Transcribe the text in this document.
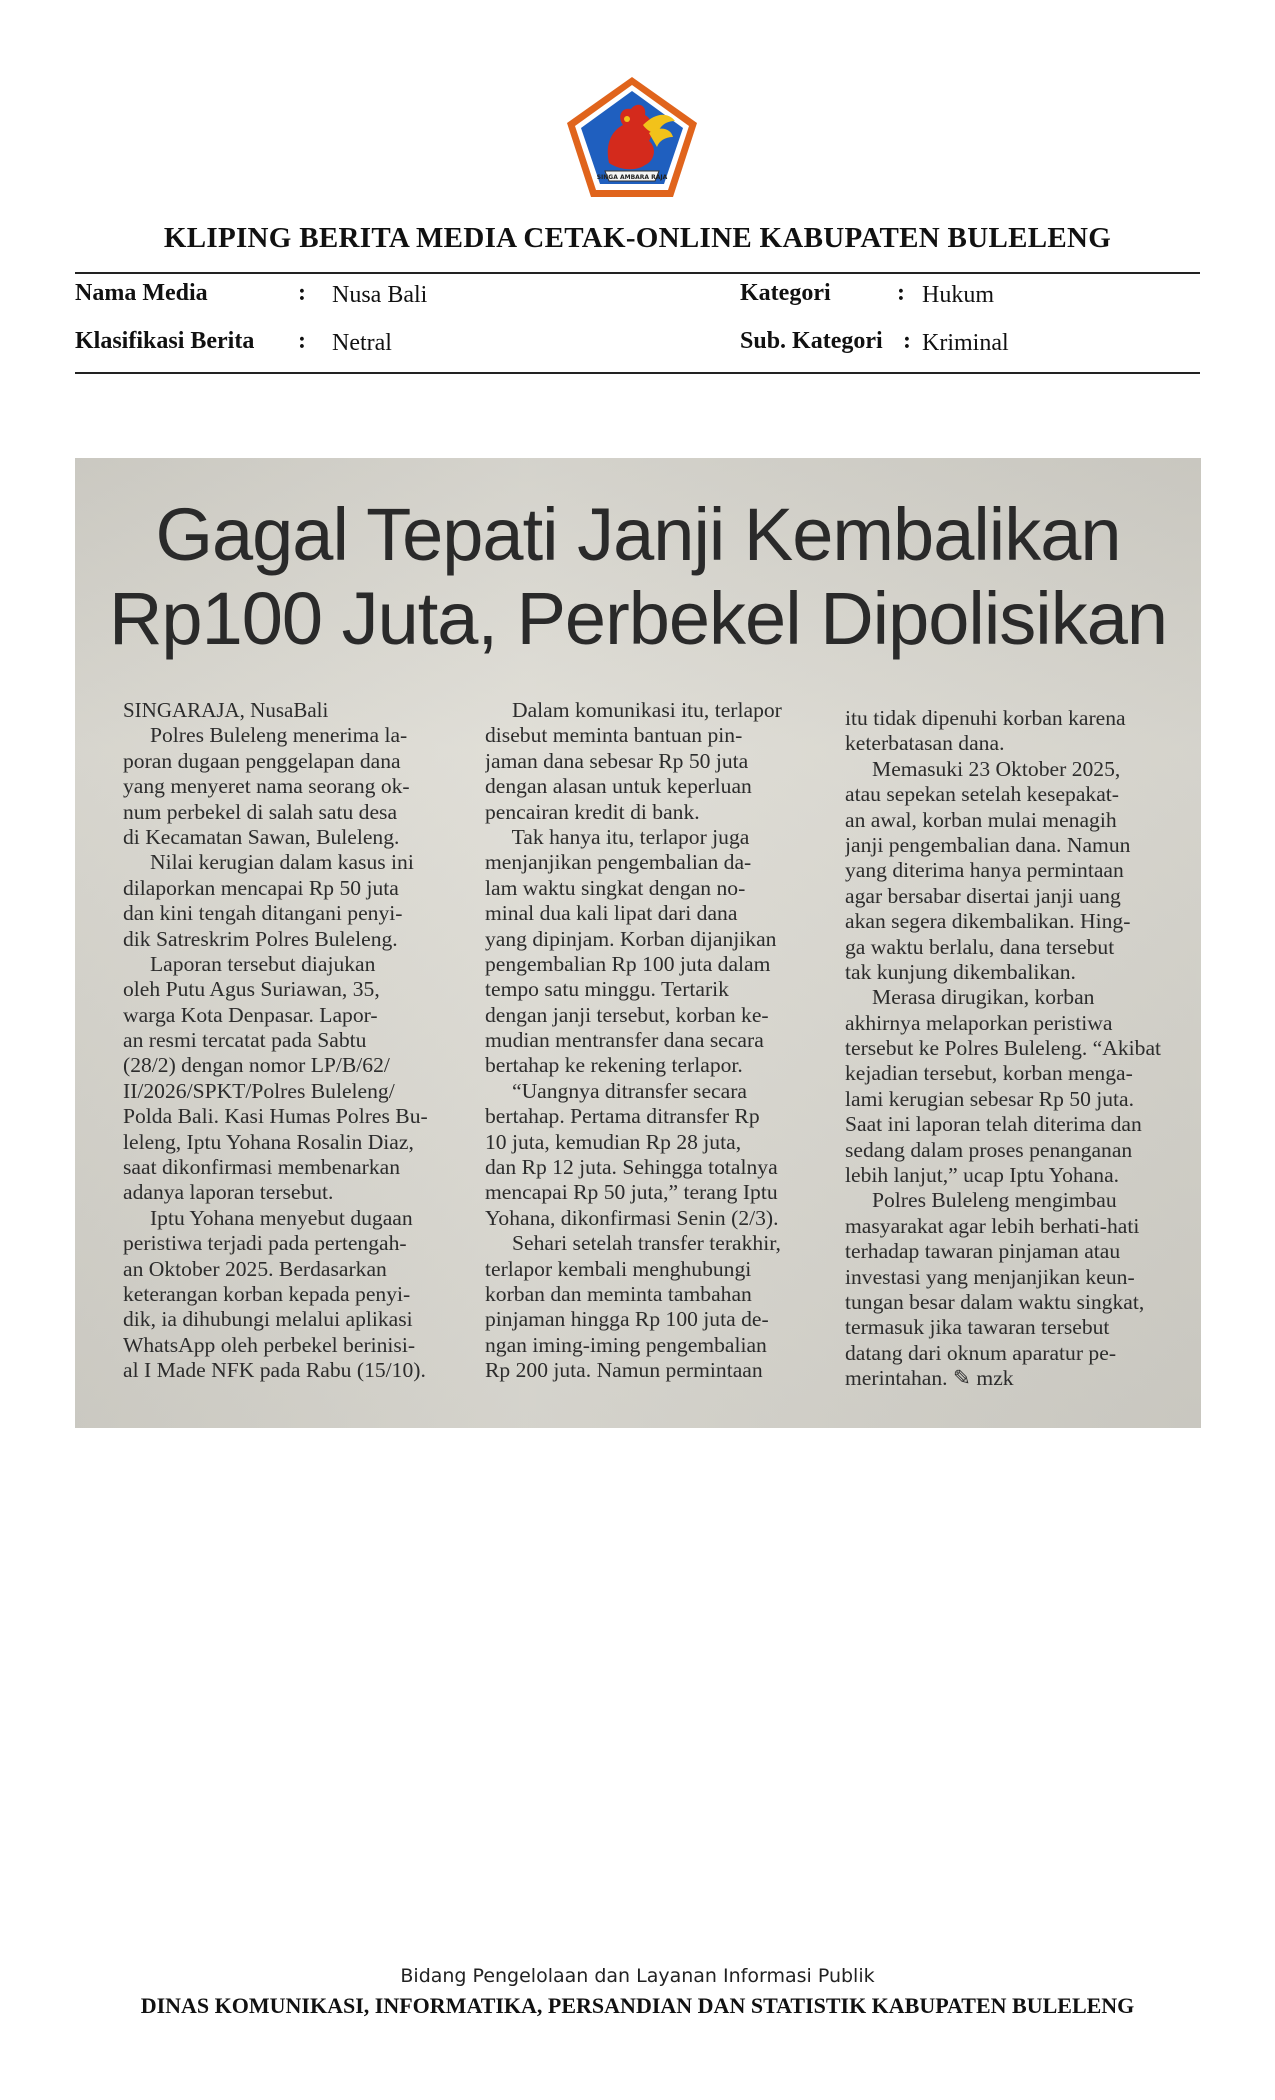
SINGA AMBARA RAJA
KLIPING BERITA MEDIA CETAK-ONLINE KABUPATEN BULELENG
Nama Media	: Nusa Bali
Klasifikasi Berita : Netral
Kategori	: Hukum
Sub. Kategori : Kriminal
Gagal Tepati Janji Kembalikan
Rp100 Juta, Perbekel Dipolisikan
SINGARAJA, NusaBali
Polres Buleleng menerima la-
poran dugaan penggelapan dana
yang menyeret nama seorang ok-
num perbekel di salah satu desa
di Kecamatan Sawan, Buleleng.
Nilai kerugian dalam kasus ini
dilaporkan mencapai Rp 50 juta
dan kini tengah ditangani penyi-
dik Satreskrim Polres Buleleng.
Laporan tersebut diajukan
oleh Putu Agus Suriawan, 35,
warga Kota Denpasar. Lapor-
an resmi tercatat pada Sabtu
(28/2) dengan nomor LP/B/62/
II/2026/SPKT/Polres Buleleng/
Polda Bali. Kasi Humas Polres Bu-
leleng, Iptu Yohana Rosalin Diaz,
saat dikonfirmasi membenarkan
adanya laporan tersebut.
Iptu Yohana menyebut dugaan
peristiwa terjadi pada pertengah-
an Oktober 2025. Berdasarkan
keterangan korban kepada penyi-
dik, ia dihubungi melalui aplikasi
WhatsApp oleh perbekel berinisi-
al I Made NFK pada Rabu (15/10).
Dalam komunikasi itu, terlapor
disebut meminta bantuan pin-
jaman dana sebesar Rp 50 juta
dengan alasan untuk keperluan
pencairan kredit di bank.
Tak hanya itu, terlapor juga
menjanjikan pengembalian da-
lam waktu singkat dengan no-
minal dua kali lipat dari dana
yang dipinjam. Korban dijanjikan
pengembalian Rp 100 juta dalam
tempo satu minggu. Tertarik
dengan janji tersebut, korban ke-
mudian mentransfer dana secara
bertahap ke rekening terlapor.
“Uangnya ditransfer secara
bertahap. Pertama ditransfer Rp
10 juta, kemudian Rp 28 juta,
dan Rp 12 juta. Sehingga totalnya
mencapai Rp 50 juta,” terang Iptu
Yohana, dikonfirmasi Senin (2/3).
Sehari setelah transfer terakhir,
terlapor kembali menghubungi
korban dan meminta tambahan
pinjaman hingga Rp 100 juta de-
ngan iming-iming pengembalian
Rp 200 juta. Namun permintaan
itu tidak dipenuhi korban karena
keterbatasan dana.
Memasuki 23 Oktober 2025,
atau sepekan setelah kesepakat-
an awal, korban mulai menagih
janji pengembalian dana. Namun
yang diterima hanya permintaan
agar bersabar disertai janji uang
akan segera dikembalikan. Hing-
ga waktu berlalu, dana tersebut
tak kunjung dikembalikan.
Merasa dirugikan, korban
akhirnya melaporkan peristiwa
tersebut ke Polres Buleleng. “Akibat
kejadian tersebut, korban menga-
lami kerugian sebesar Rp 50 juta.
Saat ini laporan telah diterima dan
sedang dalam proses penanganan
lebih lanjut,” ucap Iptu Yohana.
Polres Buleleng mengimbau
masyarakat agar lebih berhati-hati
terhadap tawaran pinjaman atau
investasi yang menjanjikan keun-
tungan besar dalam waktu singkat,
termasuk jika tawaran tersebut
datang dari oknum aparatur pe-
merintahan. ✎ mzk
Bidang Pengelolaan dan Layanan Informasi Publik
DINAS KOMUNIKASI, INFORMATIKA, PERSANDIAN DAN STATISTIK KABUPATEN BULELENG
